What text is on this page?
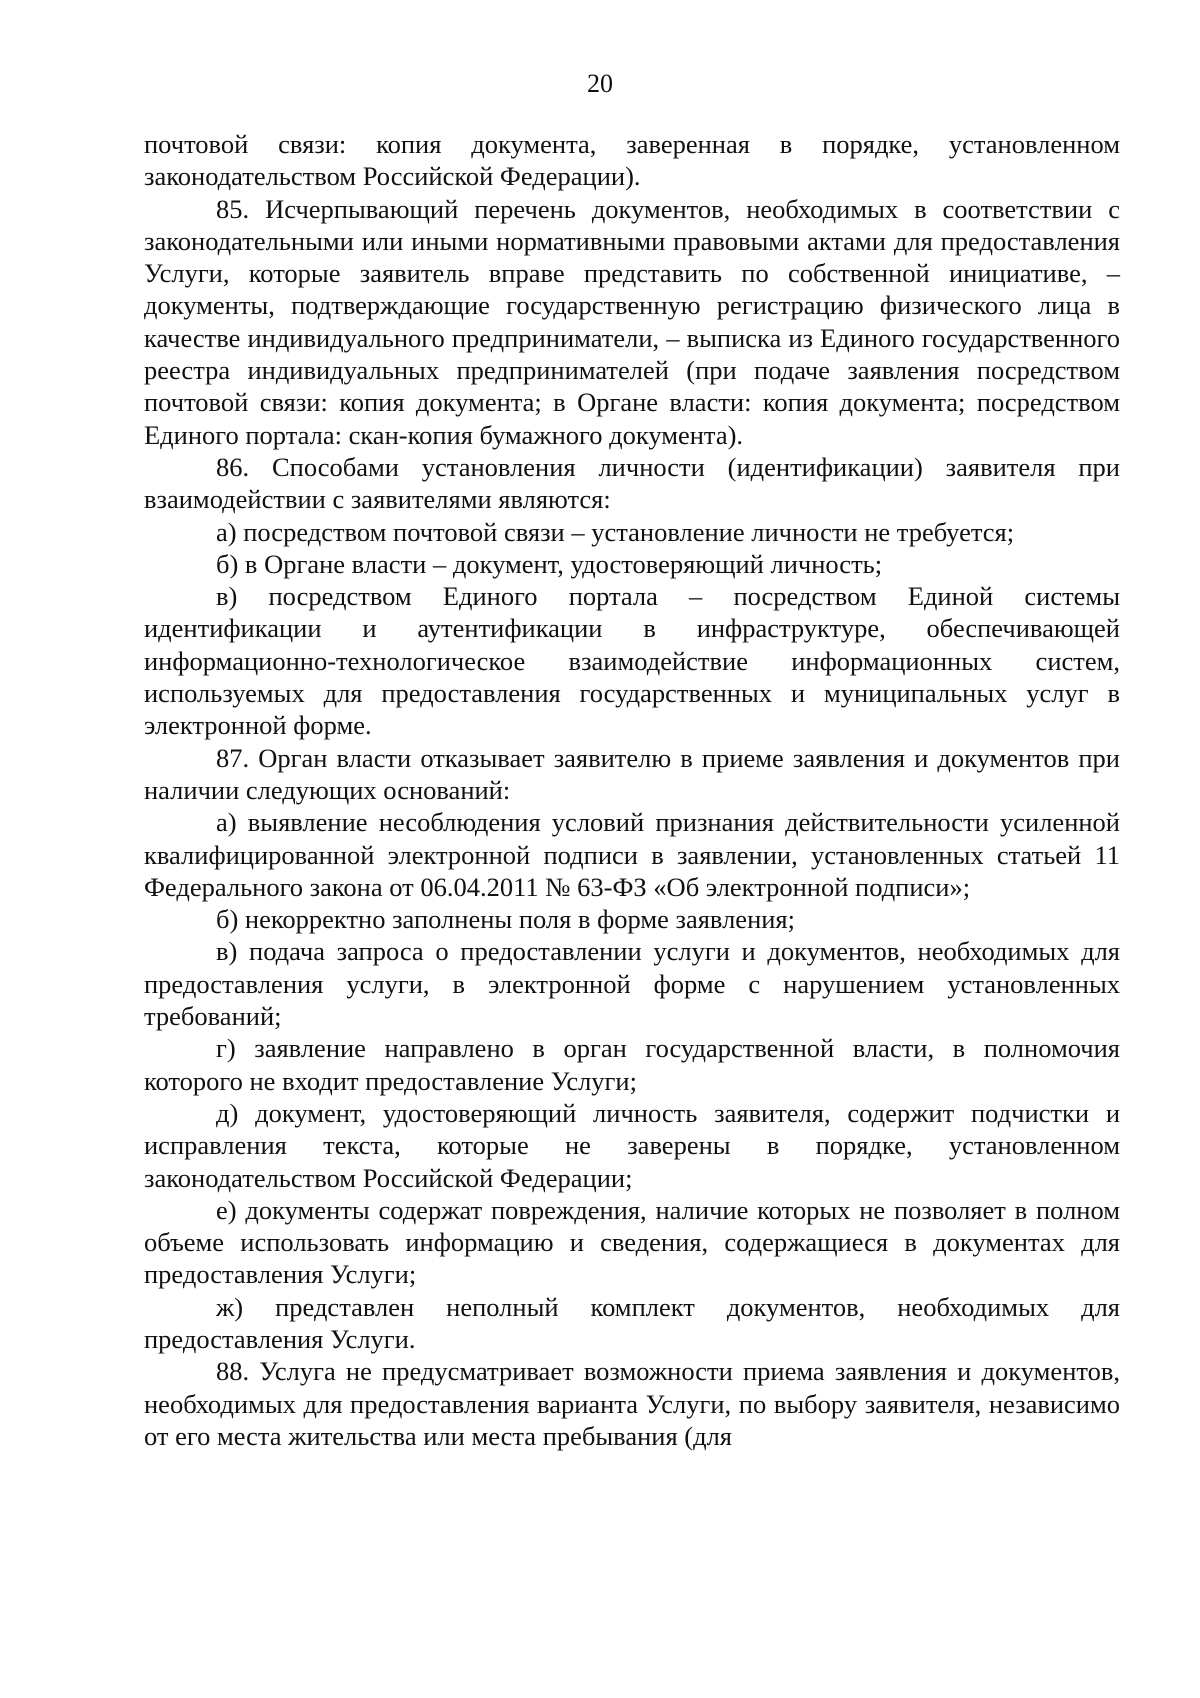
20

почтовой связи: копия документа, заверенная в порядке, установленном законодательством Российской Федерации).

85. Исчерпывающий перечень документов, необходимых в соответствии с законодательными или иными нормативными правовыми актами для предоставления Услуги, которые заявитель вправе представить по собственной инициативе, – документы, подтверждающие государственную регистрацию физического лица в качестве индивидуального предприниматели, – выписка из Единого государственного реестра индивидуальных предпринимателей (при подаче заявления посредством почтовой связи: копия документа; в Органе власти: копия документа; посредством Единого портала: скан-копия бумажного документа).

86. Способами установления личности (идентификации) заявителя при взаимодействии с заявителями являются:

а) посредством почтовой связи – установление личности не требуется;

б) в Органе власти – документ, удостоверяющий личность;

в) посредством Единого портала – посредством Единой системы идентификации и аутентификации в инфраструктуре, обеспечивающей информационно-технологическое взаимодействие информационных систем, используемых для предоставления государственных и муниципальных услуг в электронной форме.

87. Орган власти отказывает заявителю в приеме заявления и документов при наличии следующих оснований:

а) выявление несоблюдения условий признания действительности усиленной квалифицированной электронной подписи в заявлении, установленных статьей 11 Федерального закона от 06.04.2011 № 63-ФЗ «Об электронной подписи»;

б) некорректно заполнены поля в форме заявления;

в) подача запроса о предоставлении услуги и документов, необходимых для предоставления услуги, в электронной форме с нарушением установленных требований;

г) заявление направлено в орган государственной власти, в полномочия которого не входит предоставление Услуги;

д) документ, удостоверяющий личность заявителя, содержит подчистки и исправления текста, которые не заверены в порядке, установленном законодательством Российской Федерации;

е) документы содержат повреждения, наличие которых не позволяет в полном объеме использовать информацию и сведения, содержащиеся в документах для предоставления Услуги;

ж) представлен неполный комплект документов, необходимых для предоставления Услуги.

88. Услуга не предусматривает возможности приема заявления и документов, необходимых для предоставления варианта Услуги, по выбору заявителя, независимо от его места жительства или места пребывания (для
